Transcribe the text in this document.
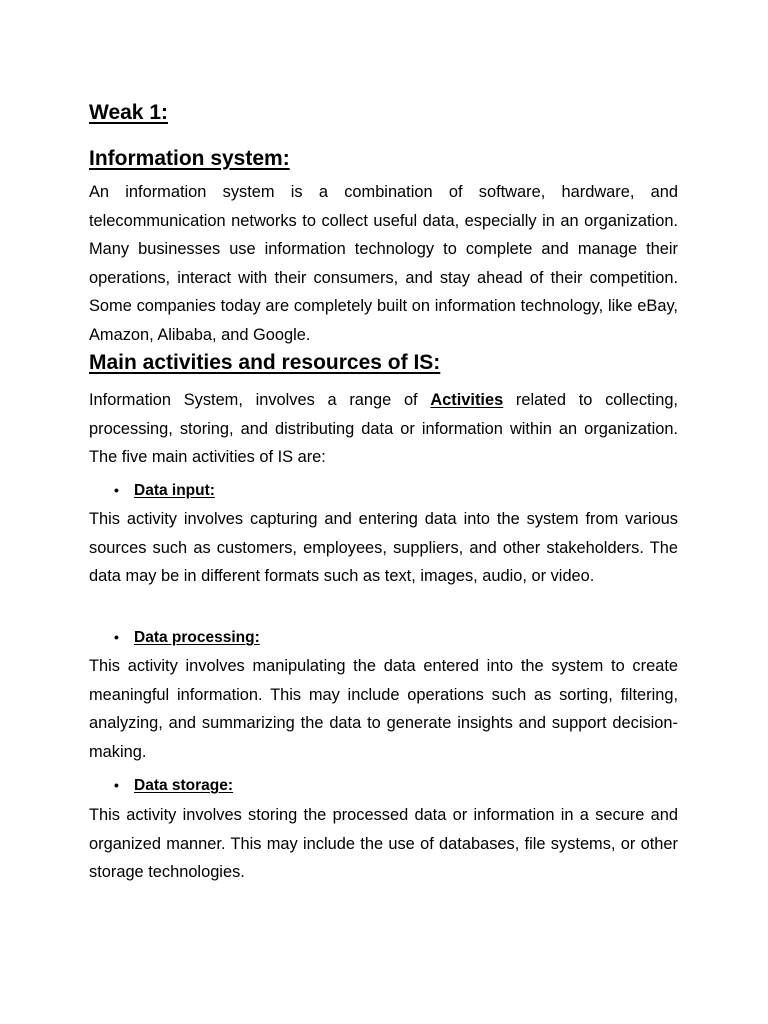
Weak 1:
Information system:

An information system is a combination of software, hardware, and telecommunication networks to collect useful data, especially in an organization. Many businesses use information technology to complete and manage their operations, interact with their consumers, and stay ahead of their competition. Some companies today are completely built on information technology, like eBay, Amazon, Alibaba, and Google.

Main activities and resources of IS:

Information System, involves a range of Activities related to collecting, processing, storing, and distributing data or information within an organization. The five main activities of IS are:

• Data input:

This activity involves capturing and entering data into the system from various sources such as customers, employees, suppliers, and other stakeholders. The data may be in different formats such as text, images, audio, or video.

• Data processing:

This activity involves manipulating the data entered into the system to create meaningful information. This may include operations such as sorting, filtering, analyzing, and summarizing the data to generate insights and support decision-making.

• Data storage:

This activity involves storing the processed data or information in a secure and organized manner. This may include the use of databases, file systems, or other storage technologies.
